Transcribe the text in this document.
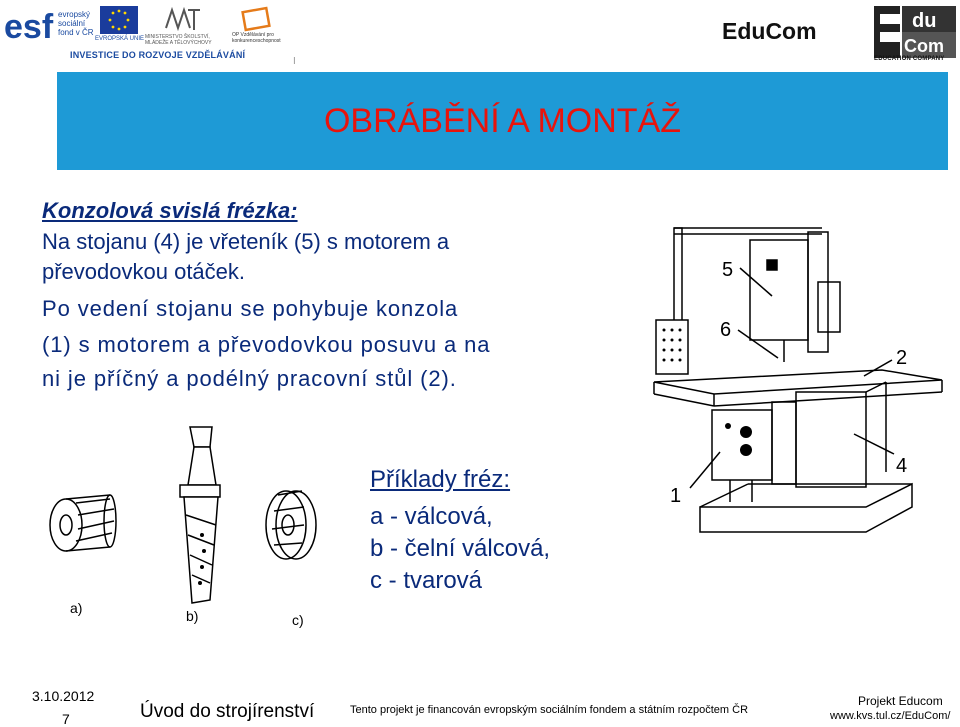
esf evropský
sociální
fond v ČR
EVROPSKÁ UNIE MINISTERSTVO ŠKOLSTVÍ, MLÁDEŽE A TĚLOVÝCHOVY
OP Vzdělávání pro konkurenceschopnost
INVESTICE DO ROZVOJE VZDĚLÁVÁNÍ
I
EduCom	du
Com
EDUCATION COMPANY
OBRÁBĚNÍ A MONTÁŽ
Konzolová svislá frézka:
Na stojanu (4) je vřeteník (5) s motorem a
převodovkou otáček.
Po vedení stojanu se pohybuje konzola
(1) s motorem a převodovkou posuvu a na
ni je příčný a podélný pracovní stůl (2).
5
6
2
4
1
a)	b)	c)
Příklady fréz:
a - válcová,
b - čelní válcová,
c - tvarová
3.10.2012
7	Úvod do strojírenství	Tento projekt je financován evropským sociálním fondem a státním rozpočtem ČR
Projekt Educom
www.kvs.tul.cz/EduCom/
